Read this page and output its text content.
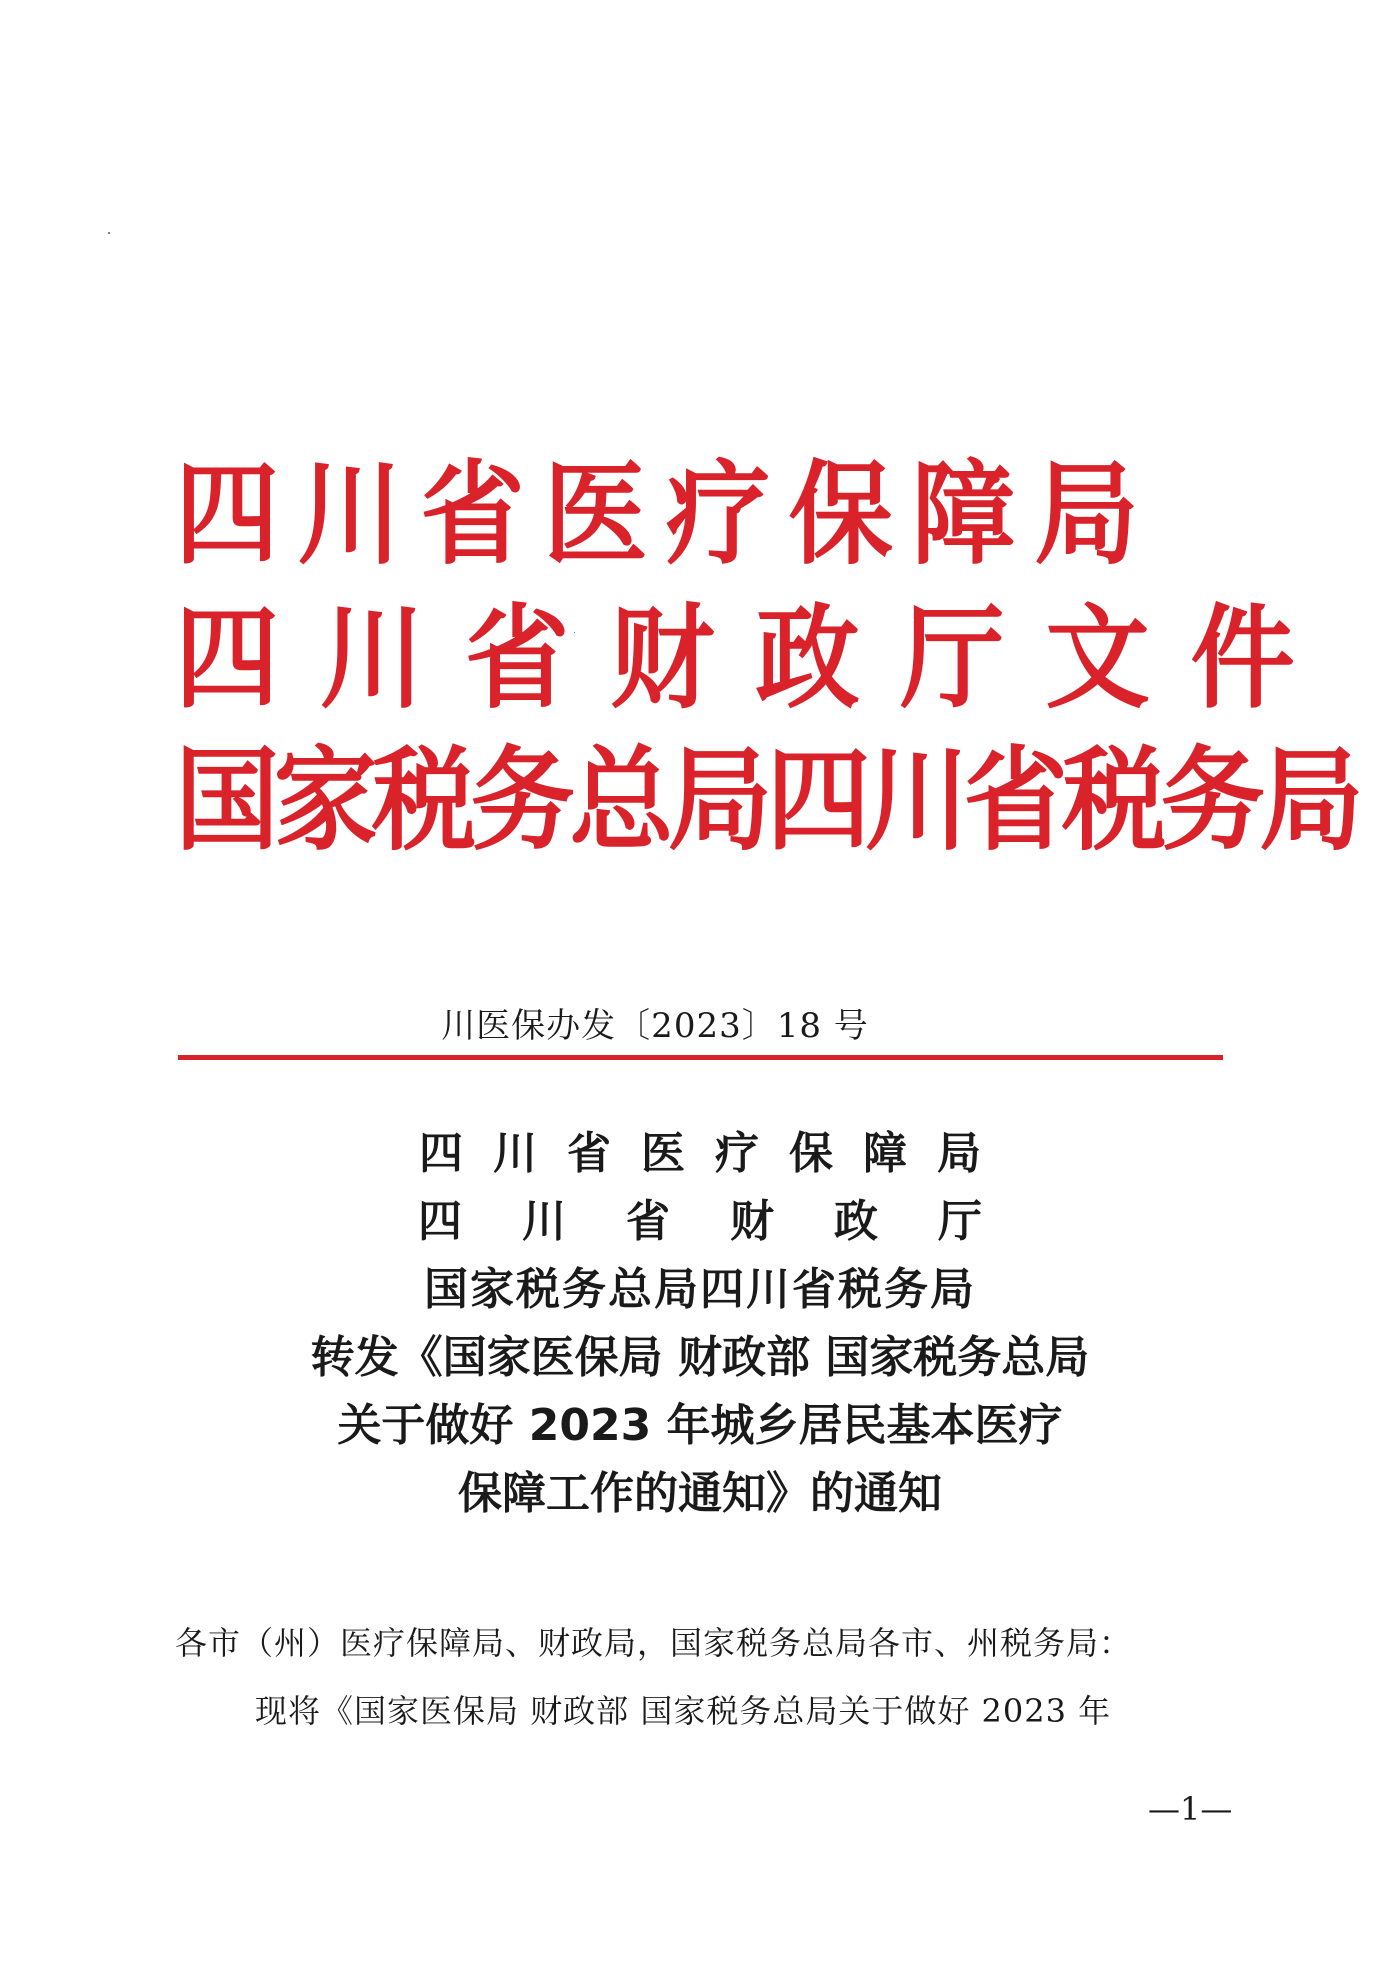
四川省医疗保障局
四川省财政厅文件
国家税务总局四川省税务局
川医保办发〔2023〕18 号
四川省医疗保障局
四川省财政厅
国家税务总局四川省税务局
转发《国家医保局 财政部 国家税务总局
关于做好 2023 年城乡居民基本医疗
保障工作的通知》的通知
各市（州）医疗保障局、财政局，国家税务总局各市、州税务局：
现将《国家医保局 财政部 国家税务总局关于做好 2023 年
—1—
